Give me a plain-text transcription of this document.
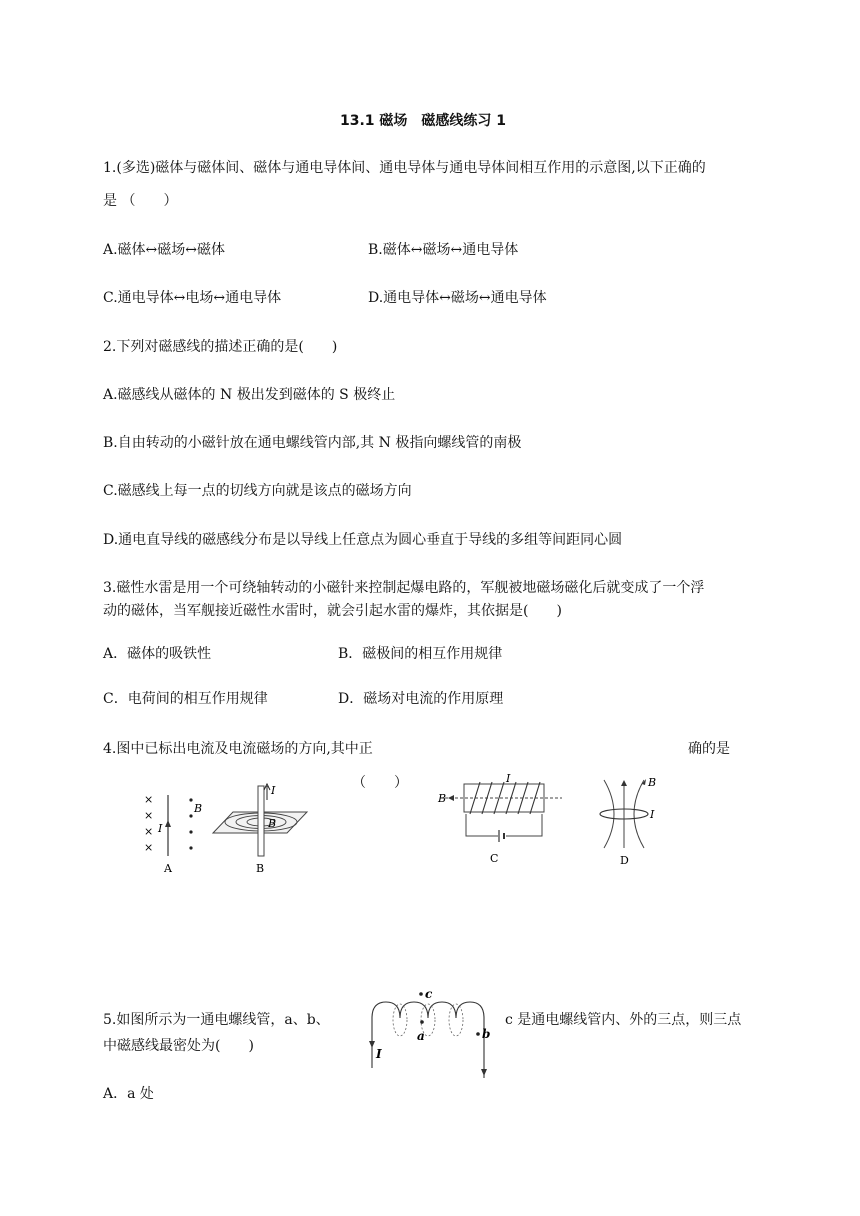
13.1 磁场　磁感线练习 1
1.(多选)磁体与磁体间、磁体与通电导体间、通电导体与通电导体间相互作用的示意图,以下正确的
是 （　　）
A.磁体↔磁场↔磁体	B.磁体↔磁场↔通电导体
C.通电导体↔电场↔通电导体	D.通电导体↔磁场↔通电导体
2.下列对磁感线的描述正确的是(　　)
A.磁感线从磁体的 N 极出发到磁体的 S 极终止
B.自由转动的小磁针放在通电螺线管内部,其 N 极指向螺线管的南极
C.磁感线上每一点的切线方向就是该点的磁场方向
D.通电直导线的磁感线分布是以导线上任意点为圆心垂直于导线的多组等间距同心圆
3.磁性水雷是用一个可绕轴转动的小磁针来控制起爆电路的，军舰被地磁场磁化后就变成了一个浮
动的磁体，当军舰接近磁性水雷时，就会引起水雷的爆炸，其依据是(　　)
A．磁体的吸铁性	B．磁极间的相互作用规律
C．电荷间的相互作用规律	D．磁场对电流的作用原理
4.图中已标出电流及电流磁场的方向,其中正	确的是
（　　）
×
×
×
×
I
B
A
I
B
B
B
I
C
B
I
D
5.如图所示为一通电螺线管，a、b、	c 是通电螺线管内、外的三点，则三点
中磁感线最密处为(　　)
A．a 处
I
c
a	b
